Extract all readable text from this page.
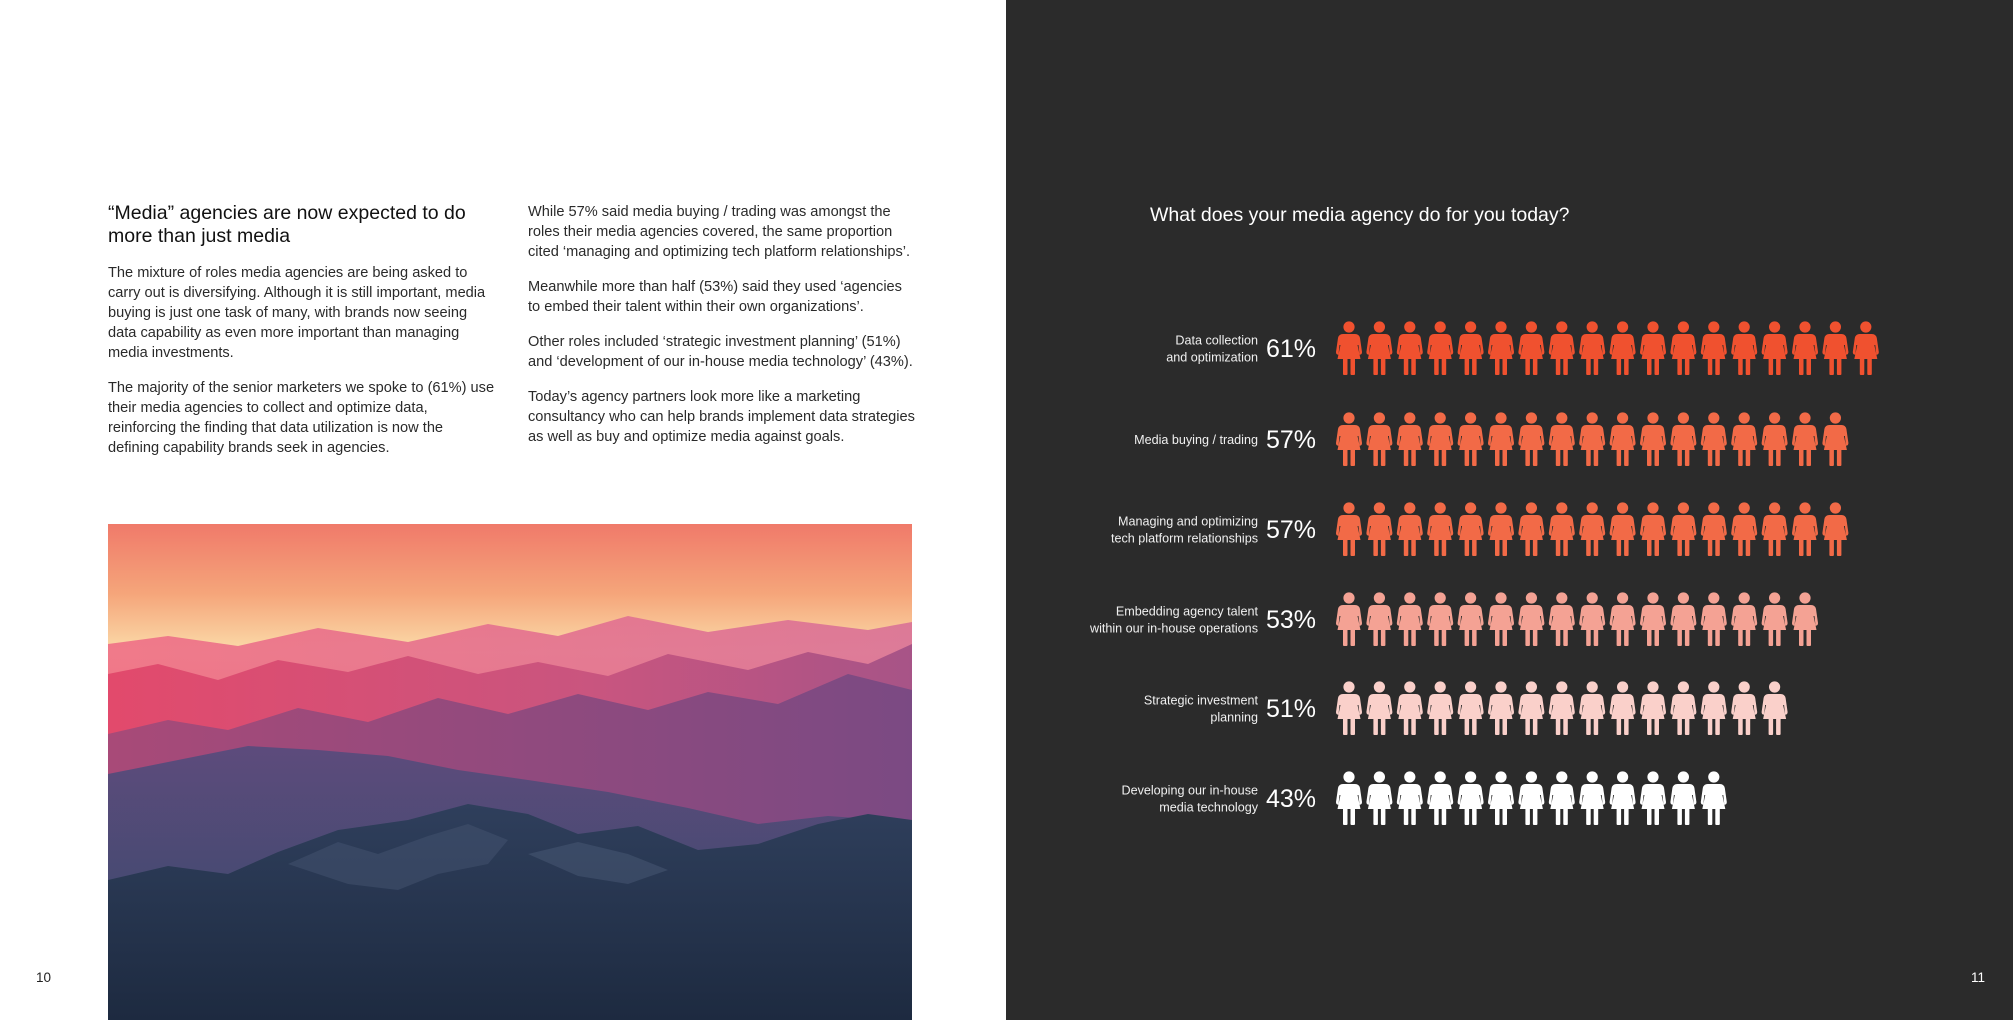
“Media” agencies are now expected to do more than just media

The mixture of roles media agencies are being asked to carry out is diversifying. Although it is still important, media buying is just one task of many, with brands now seeing data capability as even more important than managing media investments.

The majority of the senior marketers we spoke to (61%) use their media agencies to collect and optimize data, reinforcing the finding that data utilization is now the defining capability brands seek in agencies.

While 57% said media buying / trading was amongst the roles their media agencies covered, the same proportion cited ‘managing and optimizing tech platform relationships’.

Meanwhile more than half (53%) said they used ‘agencies to embed their talent within their own organizations’.

Other roles included ‘strategic investment planning’ (51%) and ‘development of our in-house media technology’ (43%).

Today’s agency partners look more like a marketing consultancy who can help brands implement data strategies as well as buy and optimize media against goals.

10
What does your media agency do for you today?
Data collection
and optimization 61%
Media buying / trading 57%
Managing and optimizing
tech platform relationships 57%
Embedding agency talent
within our in-house operations 53%
Strategic investment
planning 51%
Developing our in-house
media technology 43%
11
